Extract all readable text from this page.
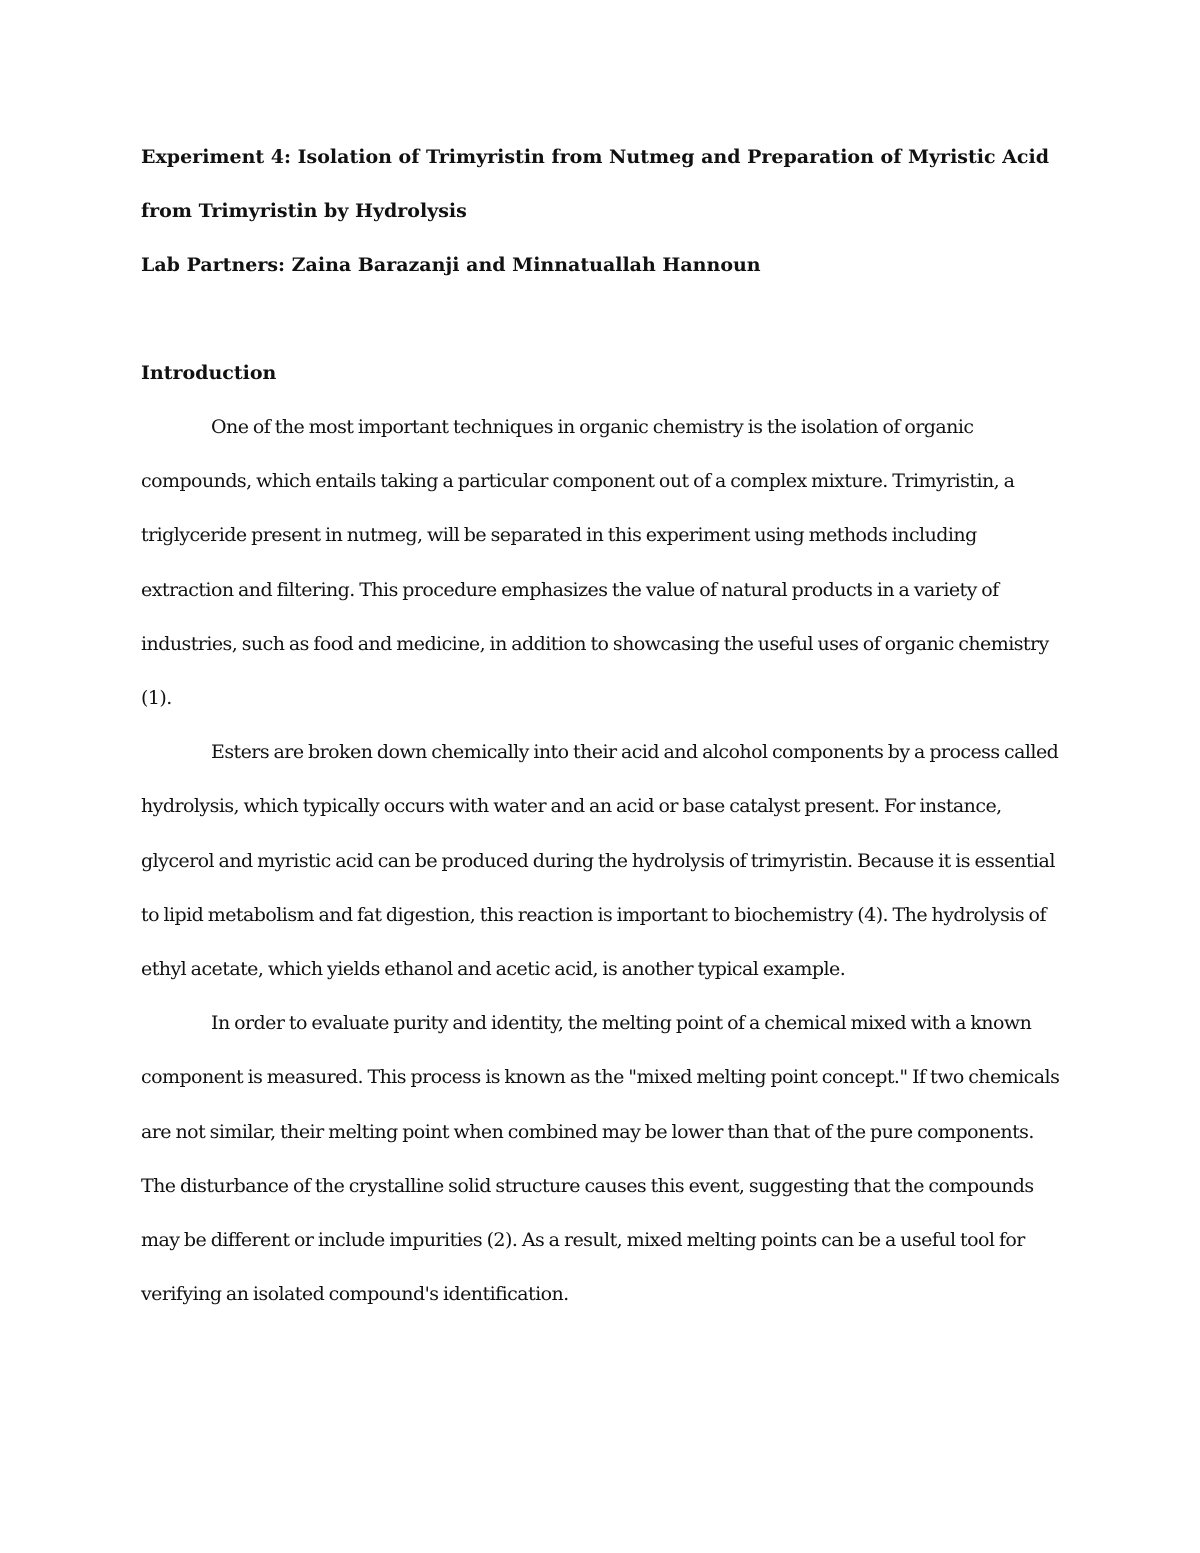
Experiment 4: Isolation of Trimyristin from Nutmeg and Preparation of Myristic Acid

from Trimyristin by Hydrolysis

Lab Partners: Zaina Barazanji and Minnatuallah Hannoun

Introduction

One of the most important techniques in organic chemistry is the isolation of organic compounds, which entails taking a particular component out of a complex mixture. Trimyristin, a triglyceride present in nutmeg, will be separated in this experiment using methods including extraction and filtering. This procedure emphasizes the value of natural products in a variety of industries, such as food and medicine, in addition to showcasing the useful uses of organic chemistry (1).

Esters are broken down chemically into their acid and alcohol components by a process called hydrolysis, which typically occurs with water and an acid or base catalyst present. For instance, glycerol and myristic acid can be produced during the hydrolysis of trimyristin. Because it is essential to lipid metabolism and fat digestion, this reaction is important to biochemistry (4). The hydrolysis of ethyl acetate, which yields ethanol and acetic acid, is another typical example.

In order to evaluate purity and identity, the melting point of a chemical mixed with a known component is measured. This process is known as the "mixed melting point concept." If two chemicals are not similar, their melting point when combined may be lower than that of the pure components. The disturbance of the crystalline solid structure causes this event, suggesting that the compounds may be different or include impurities (2). As a result, mixed melting points can be a useful tool for verifying an isolated compound's identification.
